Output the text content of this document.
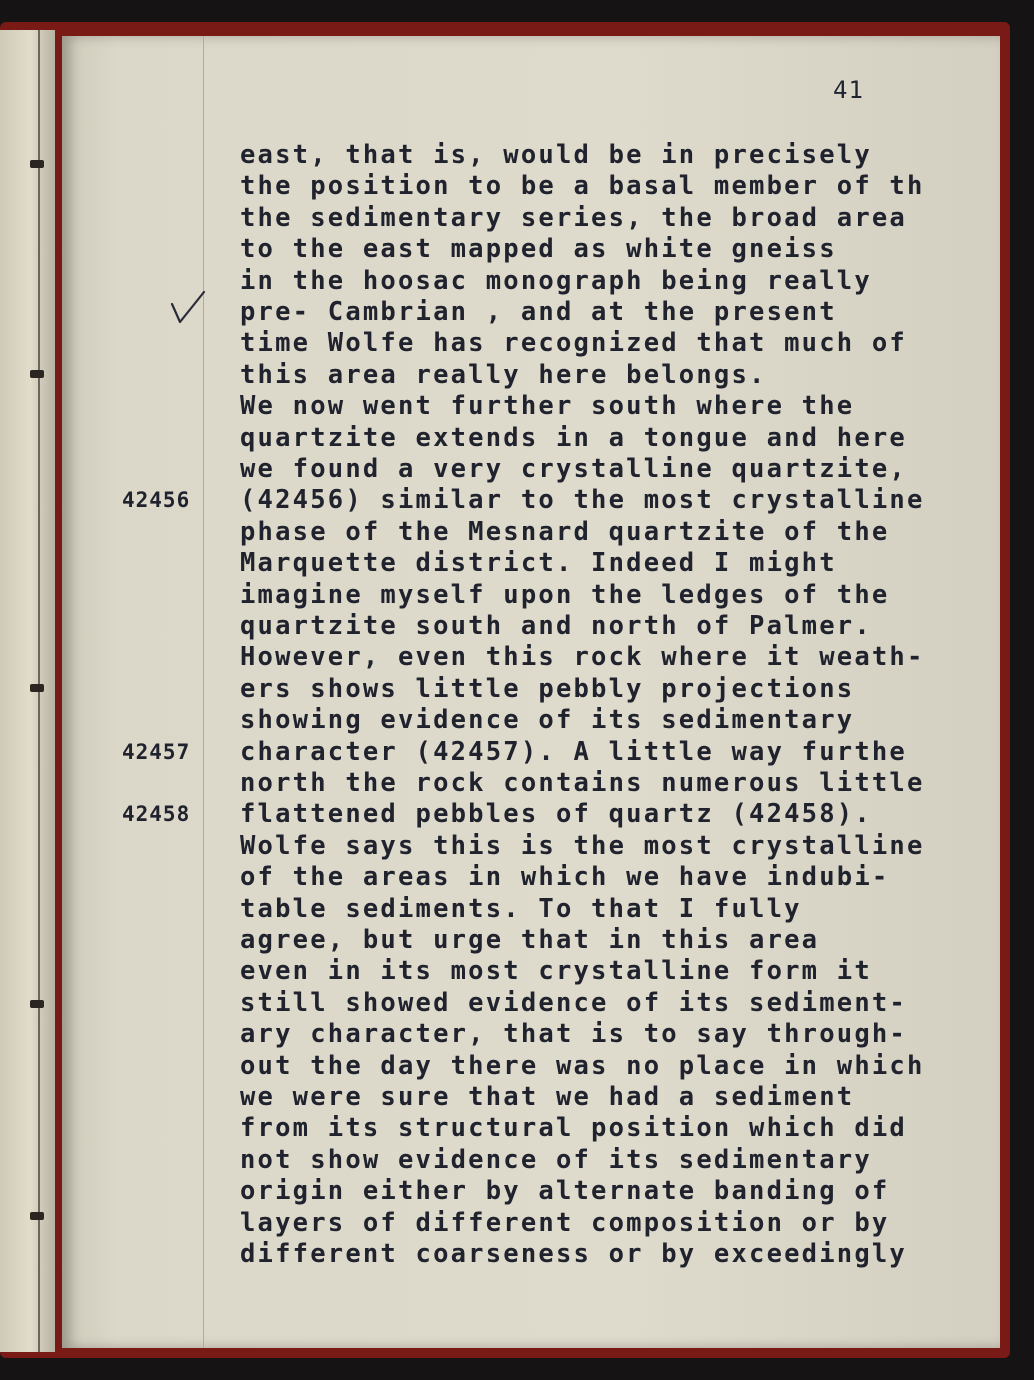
41
east, that is, would be in precisely
the position to be a basal member of th
the sedimentary series, the broad area
to the east mapped as white gneiss
in the hoosac monograph being really
pre- Cambrian , and at the present
time Wolfe has recognized that much of
this area really here belongs.
We now went further south where the
quartzite extends in a tongue and here
we found a very crystalline quartzite,
(42456) similar to the most crystalline
phase of the Mesnard quartzite of the
Marquette district. Indeed I might
imagine myself upon the ledges of the
quartzite south and north of Palmer.
However, even this rock where it weath-
ers shows little pebbly projections
showing evidence of its sedimentary
character (42457). A little way furthe
north the rock contains numerous little
flattened pebbles of quartz (42458).
Wolfe says this is the most crystalline
of the areas in which we have indubi-
table sediments. To that I fully
agree, but urge that in this area
even in its most crystalline form it
still showed evidence of its sediment-
ary character, that is to say through-
out the day there was no place in which
we were sure that we had a sediment
from its structural position which did
not show evidence of its sedimentary
origin either by alternate banding of
layers of different composition or by
different coarseness or by exceedingly
42456
42457
42458
